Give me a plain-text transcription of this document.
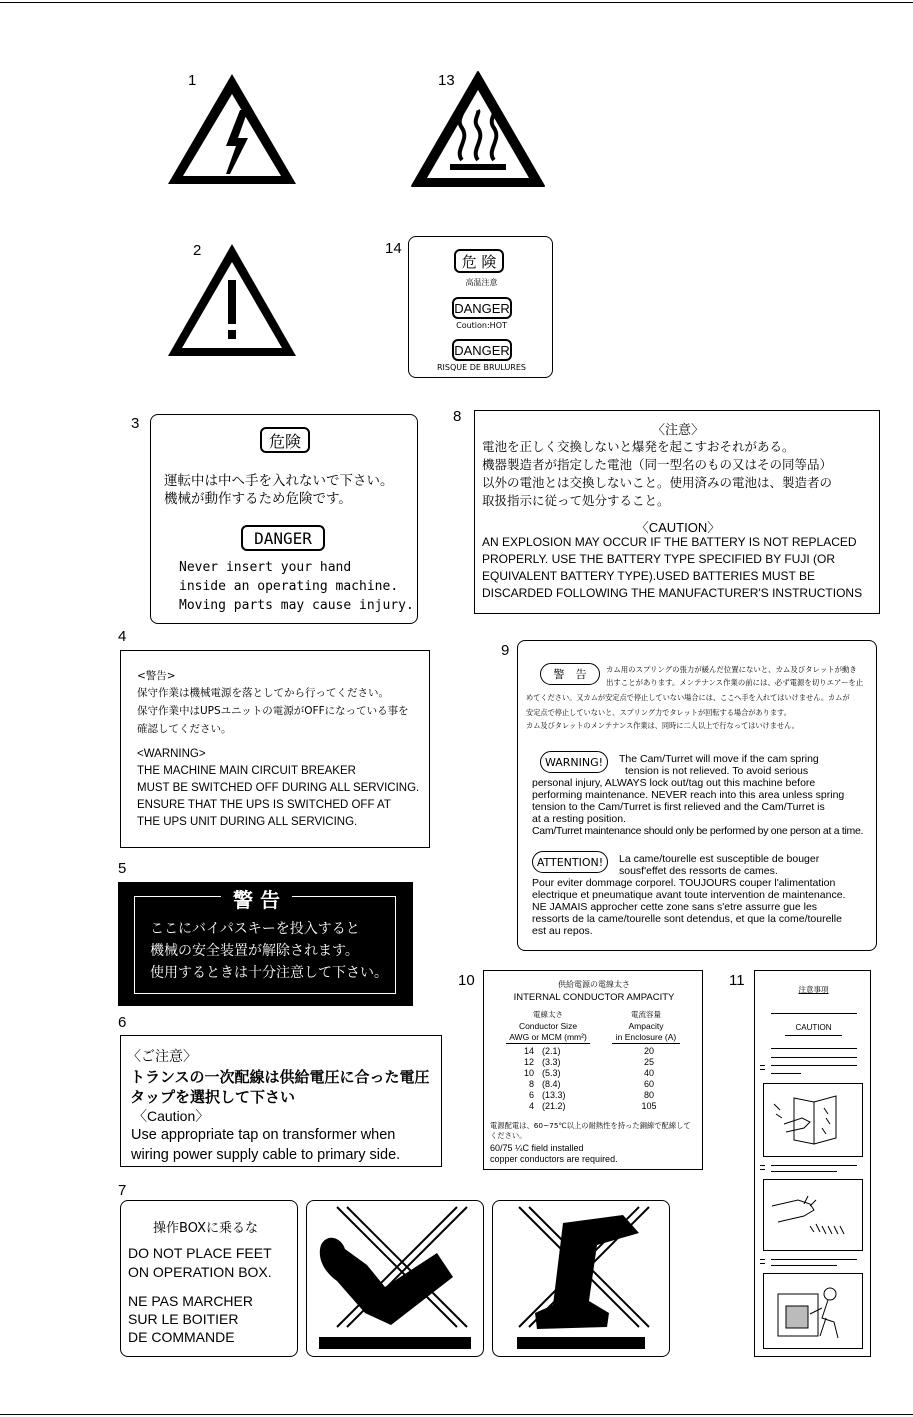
1	13
2	14
危 険
高温注意
DANGER
Coution:HOT
DANGER
RISQUE DE BRULURES
3
危険
運転中は中へ手を入れないで下さい。
機械が動作するため危険です。
DANGER
Never insert your hand
inside an operating machine.
Moving parts may cause injury.
8
〈注意〉
電池を正しく交換しないと爆発を起こすおそれがある。
機器製造者が指定した電池（同一型名のもの又はその同等品）
以外の電池とは交換しないこと。使用済みの電池は、製造者の
取扱指示に従って処分すること。
〈CAUTION〉
AN EXPLOSION MAY OCCUR IF THE BATTERY IS NOT REPLACED
PROPERLY. USE THE BATTERY TYPE SPECIFIED BY FUJI (OR
EQUIVALENT BATTERY TYPE).USED BATTERIES MUST BE
DISCARDED FOLLOWING THE MANUFACTURER'S INSTRUCTIONS
4
<警告>
保守作業は機械電源を落としてから行ってください。
保守作業中はUPSユニットの電源がOFFになっている事を
確認してください。
<WARNING>
THE MACHINE MAIN CIRCUIT BREAKER
MUST BE SWITCHED OFF DURING ALL SERVICING.
ENSURE THAT THE UPS IS SWITCHED OFF AT
THE UPS UNIT DURING ALL SERVICING.
9
警　告	カム用のスプリングの張力が緩んだ位置にないと、カム及びタレットが動き
出すことがあります。メンテナンス作業の前には、必ず電源を切りエアーを止
めてください。又カムが安定点で停止していない場合には、ここへ手を入れてはいけません。カムが
安定点で停止していないと、スプリング力でタレットが回転する場合があります。
カム及びタレットのメンテナンス作業は、同時に二人以上で行なってはいけません。
WARNING!	The Cam/Turret will move if the cam spring
tension is not relieved. To avoid serious
personal injury, ALWAYS lock out/tag out this machine before
performing maintenance. NEVER reach into this area unless spring
tension to the Cam/Turret is first relieved and the Cam/Turret is
at a resting position.
Cam/Turret maintenance should only be performed by one person at a time.
ATTENTION!	La came/tourelle est susceptible de bouger
sousf'effet des ressorts de cames.
Pour eviter dommage corporel. TOUJOURS couper l'alimentation
electrique et pneumatique avant toute intervention de maintenance.
NE JAMAIS approcher cette zone sans s'etre assurre gue les
ressorts de la came/tourelle sont detendus, et que la come/tourelle
est au repos.
5
警 告
ここにバイパスキーを投入すると
機械の安全装置が解除されます。
使用するときは十分注意して下さい。	10	供給電源の電線太さ
INTERNAL CONDUCTOR AMPACITY
電線太さ
Conductor Size
AWG or MCM (mm²)
電流容量
Ampacity
in Enclosure (A)
14 (2.1)	20
12 (3.3)	25
10 (5.3)	40
8 (8.4)	60
6 (13.3)	80
4 (21.2)	105
電源配電は、60~75℃以上の耐熱性を持った銅線で配線して
ください。
60/75 ¼C field installed
copper conductors are required.
11
注意事項
CAUTION
6
〈ご注意〉
トランスの一次配線は供給電圧に合った電圧
タップを選択して下さい
〈Caution〉
Use appropriate tap on transformer when
wiring power supply cable to primary side.
7
操作BOXに乗るな
DO NOT PLACE FEET
ON OPERATION BOX.
NE PAS MARCHER
SUR LE BOITIER
DE COMMANDE
